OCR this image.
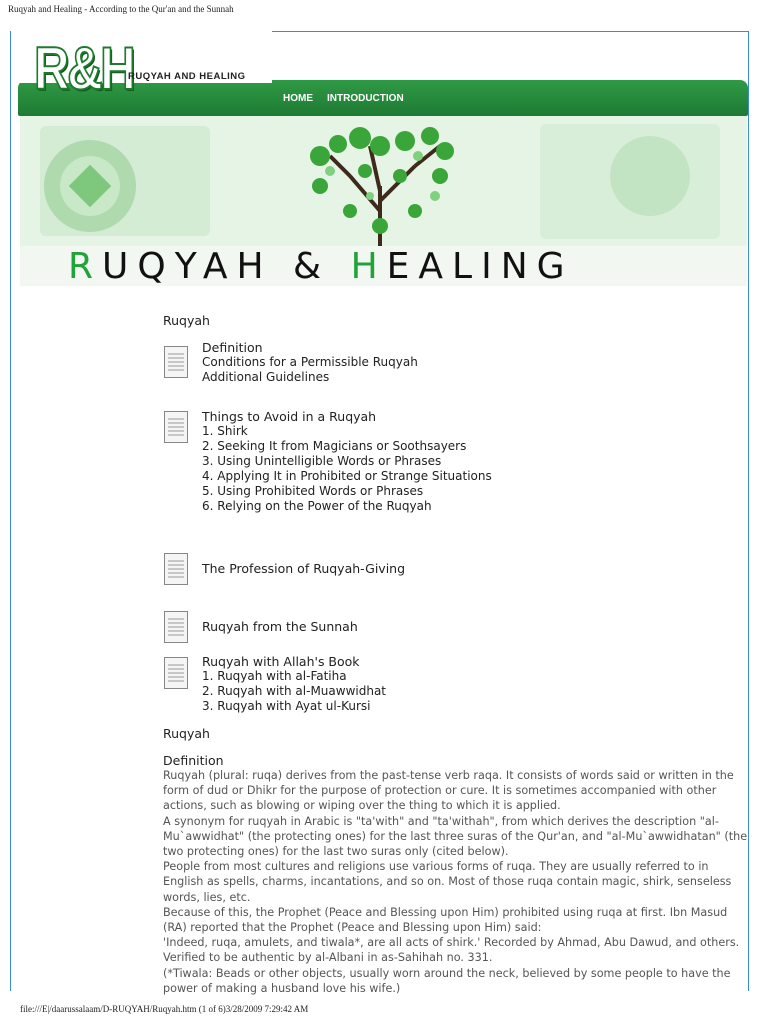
Ruqyah and Healing - According to the Qur'an and the Sunnah
HOME INTRODUCTION
R&H
RUQYAH AND HEALING
RUQYAH & HEALING
Ruqyah
Definition
Conditions for a Permissible Ruqyah
Additional Guidelines
Things to Avoid in a Ruqyah
1. Shirk
2. Seeking It from Magicians or Soothsayers
3. Using Unintelligible Words or Phrases
4. Applying It in Prohibited or Strange Situations
5. Using Prohibited Words or Phrases
6. Relying on the Power of the Ruqyah
The Profession of Ruqyah-Giving
Ruqyah from the Sunnah
Ruqyah with Allah's Book
1. Ruqyah with al-Fatiha
2. Ruqyah with al-Muawwidhat
3. Ruqyah with Ayat ul-Kursi
Ruqyah
Definition

Ruqyah (plural: ruqa) derives from the past-tense verb raqa. It consists of words said or written in the form of dud or Dhikr for the purpose of protection or cure. It is sometimes accompanied with other actions, such as blowing or wiping over the thing to which it is applied.

A synonym for ruqyah in Arabic is "ta'with" and "ta'withah", from which derives the description "al-Mu`awwidhat" (the protecting ones) for the last three suras of the Qur'an, and "al-Mu`awwidhatan" (the two protecting ones) for the last two suras only (cited below).

People from most cultures and religions use various forms of ruqa. They are usually referred to in English as spells, charms, incantations, and so on. Most of those ruqa contain magic, shirk, senseless words, lies, etc.

Because of this, the Prophet (Peace and Blessing upon Him) prohibited using ruqa at first. Ibn Masud (RA) reported that the Prophet (Peace and Blessing upon Him) said:

'Indeed, ruqa, amulets, and tiwala*, are all acts of shirk.' Recorded by Ahmad, Abu Dawud, and others. Verified to be authentic by al-Albani in as-Sahihah no. 331.

(*Tiwala: Beads or other objects, usually worn around the neck, believed by some people to have the power of making a husband love his wife.)

file:///E|/daarussalaam/D-RUQYAH/Ruqyah.htm (1 of 6)3/28/2009 7:29:42 AM
